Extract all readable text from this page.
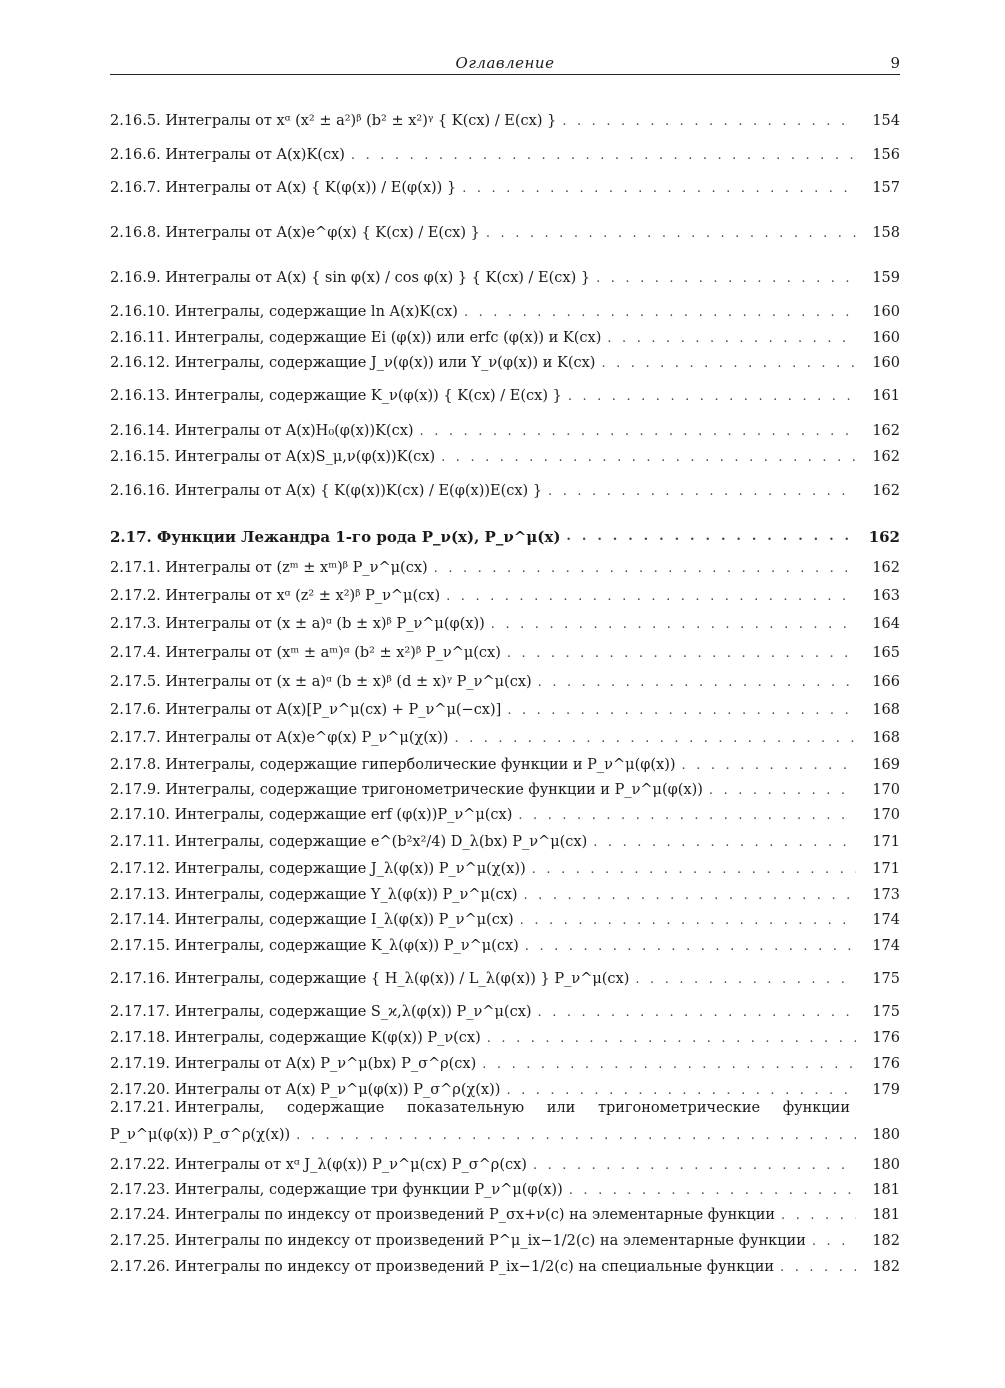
Оглавление	9
2.16.5. Интегралы от xᵅ (x² ± a²)ᵝ (b² ± x²)ᵞ { K(cx) / E(cx) } . . .	154
2.16.6. Интегралы от A(x)K(cx) . . .	156
2.16.7. Интегралы от A(x) { K(φ(x)) / E(φ(x)) } . . .	157
2.16.8. Интегралы от A(x)e^φ(x) { K(cx) / E(cx) } . . .	158
2.16.9. Интегралы от A(x) { sin φ(x) / cos φ(x) } { K(cx) / E(cx) } . . .	159
2.16.10. Интегралы, содержащие ln A(x)K(cx) . . .	160
2.16.11. Интегралы, содержащие Ei (φ(x)) или erfc (φ(x)) и K(cx) . . .	160
2.16.12. Интегралы, содержащие J_ν(φ(x)) или Y_ν(φ(x)) и K(cx) . . .	160
2.16.13. Интегралы, содержащие K_ν(φ(x)) { K(cx) / E(cx) } . . .	161
2.16.14. Интегралы от A(x)H₀(φ(x))K(cx) . . .	162
2.16.15. Интегралы от A(x)S_μ,ν(φ(x))K(cx) . . .	162
2.16.16. Интегралы от A(x) { K(φ(x))K(cx) / E(φ(x))E(cx) } . . .	162
2.17. Функции Лежандра 1-го рода P_ν(x), P_ν^μ(x) . . .	162
2.17.1. Интегралы от (zᵐ ± xᵐ)ᵝ P_ν^μ(cx) . . .	162
2.17.2. Интегралы от xᵅ (z² ± x²)ᵝ P_ν^μ(cx) . . .	163
2.17.3. Интегралы от (x ± a)ᵅ (b ± x)ᵝ P_ν^μ(φ(x)) . . .	164
2.17.4. Интегралы от (xᵐ ± aᵐ)ᵅ (b² ± x²)ᵝ P_ν^μ(cx) . . .	165
2.17.5. Интегралы от (x ± a)ᵅ (b ± x)ᵝ (d ± x)ᵞ P_ν^μ(cx) . . .	166
2.17.6. Интегралы от A(x)[P_ν^μ(cx) + P_ν^μ(−cx)] . . .	168
2.17.7. Интегралы от A(x)e^φ(x) P_ν^μ(χ(x)) . . .	168
2.17.8. Интегралы, содержащие гиперболические функции и P_ν^μ(φ(x)) . . .	169
2.17.9. Интегралы, содержащие тригонометрические функции и P_ν^μ(φ(x)) . . .	170
2.17.10. Интегралы, содержащие erf (φ(x))P_ν^μ(cx) . . .	170
2.17.11. Интегралы, содержащие e^(b²x²/4) D_λ(bx) P_ν^μ(cx) . . .	171
2.17.12. Интегралы, содержащие J_λ(φ(x)) P_ν^μ(χ(x)) . . .	171
2.17.13. Интегралы, содержащие Y_λ(φ(x)) P_ν^μ(cx) . . .	173
2.17.14. Интегралы, содержащие I_λ(φ(x)) P_ν^μ(cx) . . .	174
2.17.15. Интегралы, содержащие K_λ(φ(x)) P_ν^μ(cx) . . .	174
2.17.16. Интегралы, содержащие { H_λ(φ(x)) / L_λ(φ(x)) } P_ν^μ(cx) . . .	175
2.17.17. Интегралы, содержащие S_ϰ,λ(φ(x)) P_ν^μ(cx) . . .	175
2.17.18. Интегралы, содержащие K(φ(x)) P_ν(cx) . . .	176
2.17.19. Интегралы от A(x) P_ν^μ(bx) P_σ^ρ(cx) . . .	176
2.17.20. Интегралы от A(x) P_ν^μ(φ(x)) P_σ^ρ(χ(x)) . . .	179
2.17.21. Интегралы, содержащие показательную или тригонометрические функции
P_ν^μ(φ(x)) P_σ^ρ(χ(x)) . . .	180
2.17.22. Интегралы от xᵅ J_λ(φ(x)) P_ν^μ(cx) P_σ^ρ(cx) . . .	180
2.17.23. Интегралы, содержащие три функции P_ν^μ(φ(x)) . . .	181
2.17.24. Интегралы по индексу от произведений P_σx+ν(c) на элементарные функции . . .	181
2.17.25. Интегралы по индексу от произведений P^μ_ix−1/2(c) на элементарные функции . . .	182
2.17.26. Интегралы по индексу от произведений P_ix−1/2(c) на специальные функции . . .	182
